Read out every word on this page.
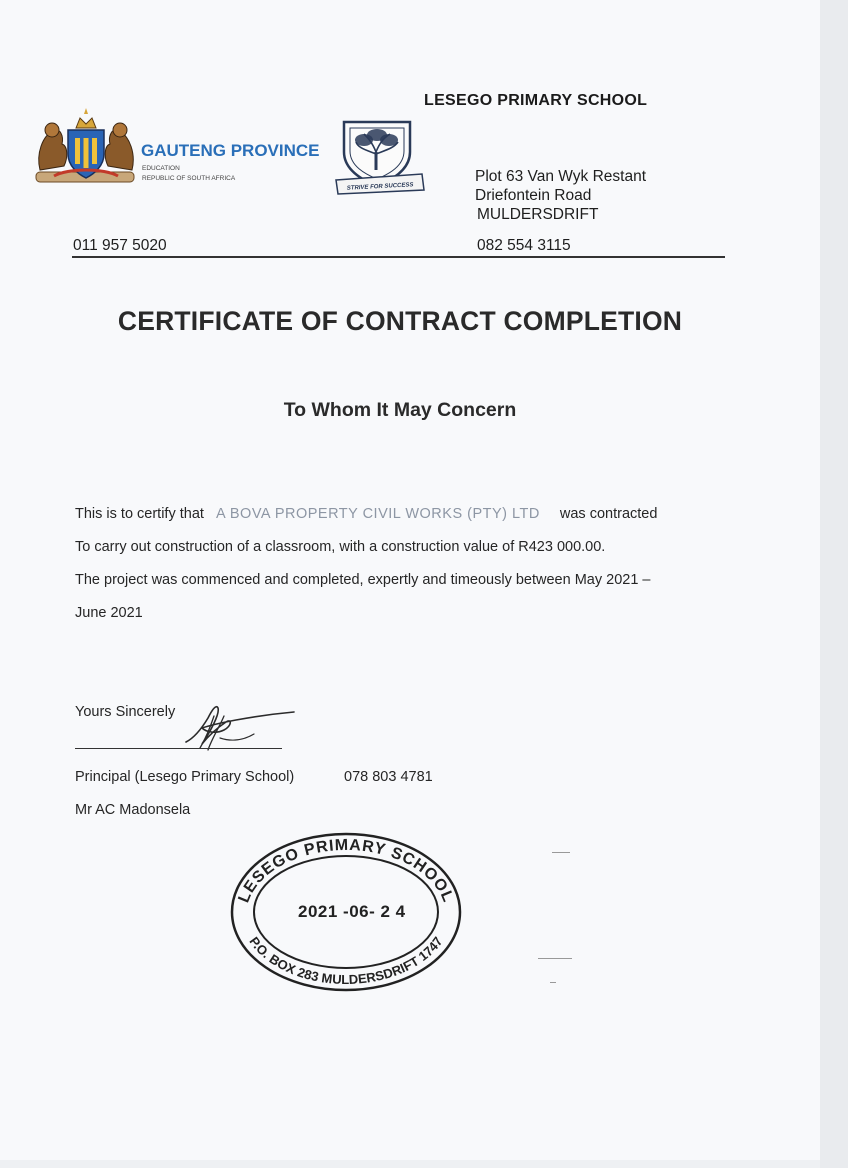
LESEGO PRIMARY SCHOOL
GAUTENG PROVINCE
EDUCATION
REPUBLIC OF SOUTH AFRICA
STRIVE FOR SUCCESS
Plot 63 Van Wyk Restant
Driefontein Road
MULDERSDRIFT
011 957 5020	082 554 3115
CERTIFICATE OF CONTRACT COMPLETION
To Whom It May Concern
This is to certify that A BOVA PROPERTY CIVIL WORKS (PTY) LTD was contracted
To carry out construction of a classroom, with a construction value of R423 000.00.
The project was commenced and completed, expertly and timeously between May 2021 –
June 2021
Yours Sincerely
Principal (Lesego Primary School)	078 803 4781
Mr AC Madonsela
LESEGO PRIMARY SCHOOL
P.O. BOX 283 MULDERSDRIFT 1747
2021 -06- 2 4
